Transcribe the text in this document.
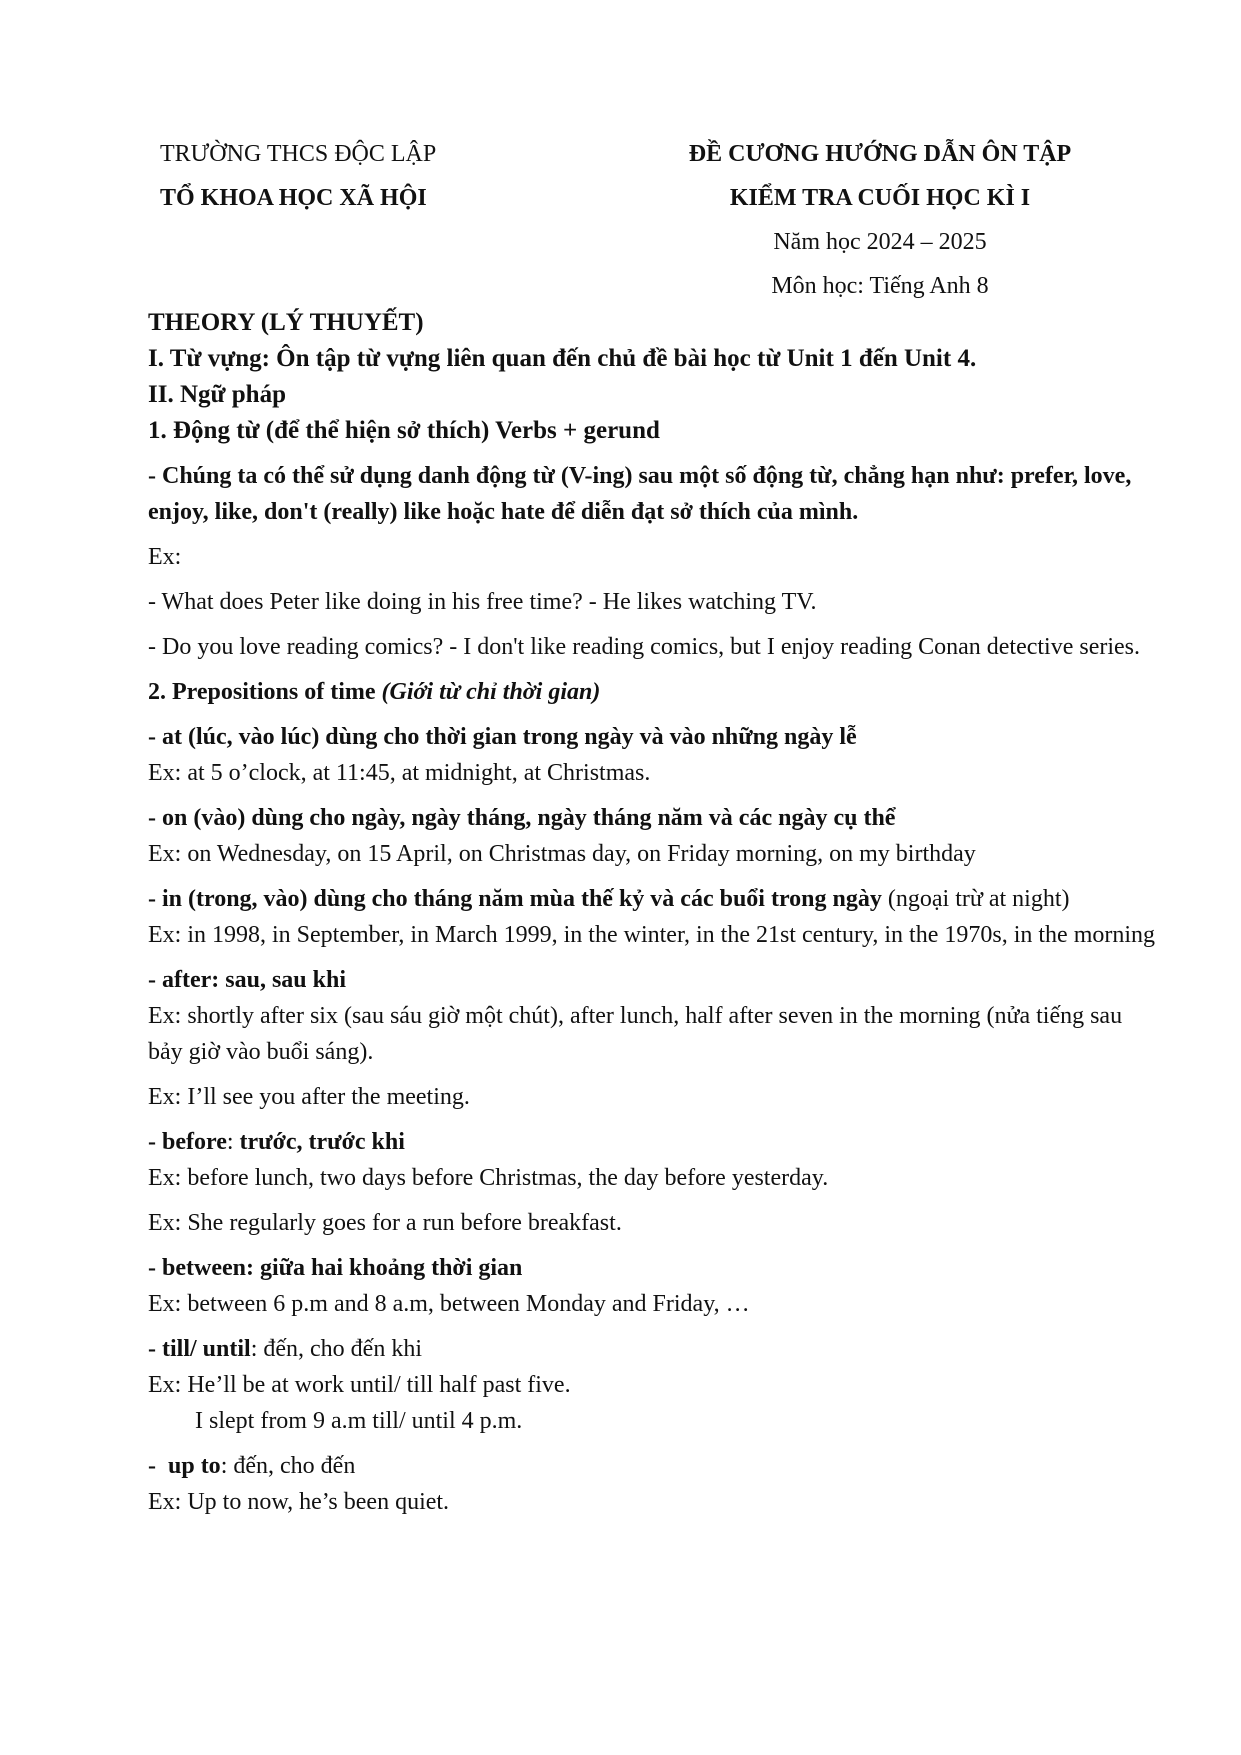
TRƯỜNG THCS ĐỘC LẬP
TỔ KHOA HỌC XÃ HỘI
ĐỀ CƯƠNG HƯỚNG DẪN ÔN TẬP
KIỂM TRA CUỐI HỌC KÌ I
Năm học 2024 – 2025
Môn học: Tiếng Anh 8

THEORY (LÝ THUYẾT)

I. Từ vựng: Ôn tập từ vựng liên quan đến chủ đề bài học từ Unit 1 đến Unit 4.

II. Ngữ pháp

1. Động từ (để thể hiện sở thích) Verbs + gerund

- Chúng ta có thể sử dụng danh động từ (V-ing) sau một số động từ, chẳng hạn như: prefer, love, enjoy, like, don't (really) like hoặc hate để diễn đạt sở thích của mình.

Ex:

- What does Peter like doing in his free time? - He likes watching TV.

- Do you love reading comics? - I don't like reading comics, but I enjoy reading Conan detective series.

2. Prepositions of time (Giới từ chỉ thời gian)

- at (lúc, vào lúc) dùng cho thời gian trong ngày và vào những ngày lễ

Ex: at 5 o’clock, at 11:45, at midnight, at Christmas.

- on (vào) dùng cho ngày, ngày tháng, ngày tháng năm và các ngày cụ thể

Ex: on Wednesday, on 15 April, on Christmas day, on Friday morning, on my birthday

- in (trong, vào) dùng cho tháng năm mùa thế kỷ và các buổi trong ngày (ngoại trừ at night)

Ex: in 1998, in September, in March 1999, in the winter, in the 21st century, in the 1970s, in the morning

- after: sau, sau khi

Ex: shortly after six (sau sáu giờ một chút), after lunch, half after seven in the morning (nửa tiếng sau bảy giờ vào buổi sáng).

Ex: I’ll see you after the meeting.

- before: trước, trước khi

Ex: before lunch, two days before Christmas, the day before yesterday.

Ex: She regularly goes for a run before breakfast.

- between: giữa hai khoảng thời gian

Ex: between 6 p.m and 8 a.m, between Monday and Friday, …

- till/ until: đến, cho đến khi

Ex: He’ll be at work until/ till half past five.

I slept from 9 a.m till/ until 4 p.m.

-  up to: đến, cho đến

Ex: Up to now, he’s been quiet.
